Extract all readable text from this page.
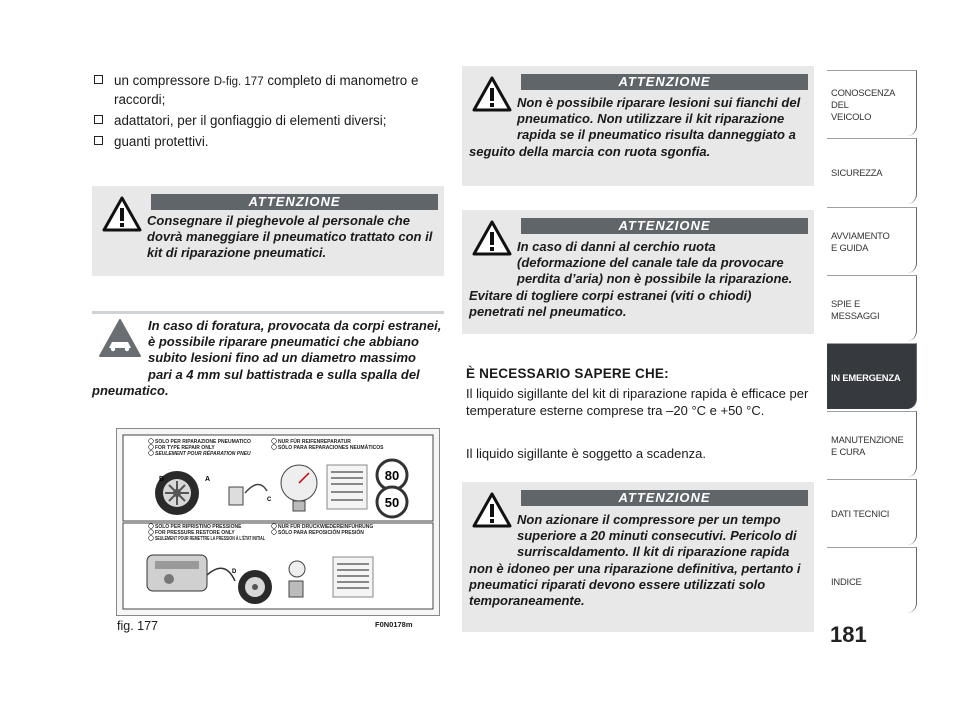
un compressore D-fig. 177 completo di manometro e raccordi;
adattatori, per il gonfiaggio di elementi diversi;
guanti protettivi.
ATTENZIONE
Consegnare il pieghevole al personale che dovrà maneggiare il pneumatico trattato con il kit di riparazione pneumatici.
In caso di foratura, provocata da corpi estranei, è possibile riparare pneumatici che abbiano subito lesioni fino ad un diametro massimo pari a 4 mm sul battistrada e sulla spalla del pneumatico.
SOLO PER RIPARAZIONE PNEUMATICO
FOR TYPE REPAIR ONLY
SEULEMENT POUR RÉPARATION PNEU
NUR FÜR REIFENREPARATUR
SÓLO PARA REPARACIONES NEUMÁTICOS
SOLO PER RIPRISTINO PRESSIONE
FOR PRESSURE RESTORE ONLY
SEULEMENT POUR REMETTRE LA PRESSION À L'ÉTAT INITIAL
NUR FÜR DRUCKWIEDEREINFÜHRUNG
SÓLO PARA REPOSICIÓN PRESIÓN
B	A
C
80
50
D
fig. 177	F0N0178m
ATTENZIONE
Non è possibile riparare lesioni sui fianchi del pneumatico. Non utilizzare il kit riparazione rapida se il pneumatico risulta danneggiato a seguito della marcia con ruota sgonfia.
ATTENZIONE
In caso di danni al cerchio ruota (deformazione del canale tale da provocare perdita d’aria) non è possibile la riparazione. Evitare di togliere corpi estranei (viti o chiodi) penetrati nel pneumatico.
È NECESSARIO SAPERE CHE:
Il liquido sigillante del kit di riparazione rapida è efficace per temperature esterne comprese tra –20 °C e +50 °C.
Il liquido sigillante è soggetto a scadenza.
ATTENZIONE
Non azionare il compressore per un tempo superiore a 20 minuti consecutivi. Pericolo di surriscaldamento. Il kit di riparazione rapida non è idoneo per una riparazione definitiva, pertanto i pneumatici riparati devono essere utilizzati solo temporaneamente.
CONOSCENZA
DEL
VEICOLO
SICUREZZA
AVVIAMENTO
E GUIDA
SPIE E
MESSAGGI
IN EMERGENZA
MANUTENZIONE
E CURA
DATI TECNICI
INDICE
181
